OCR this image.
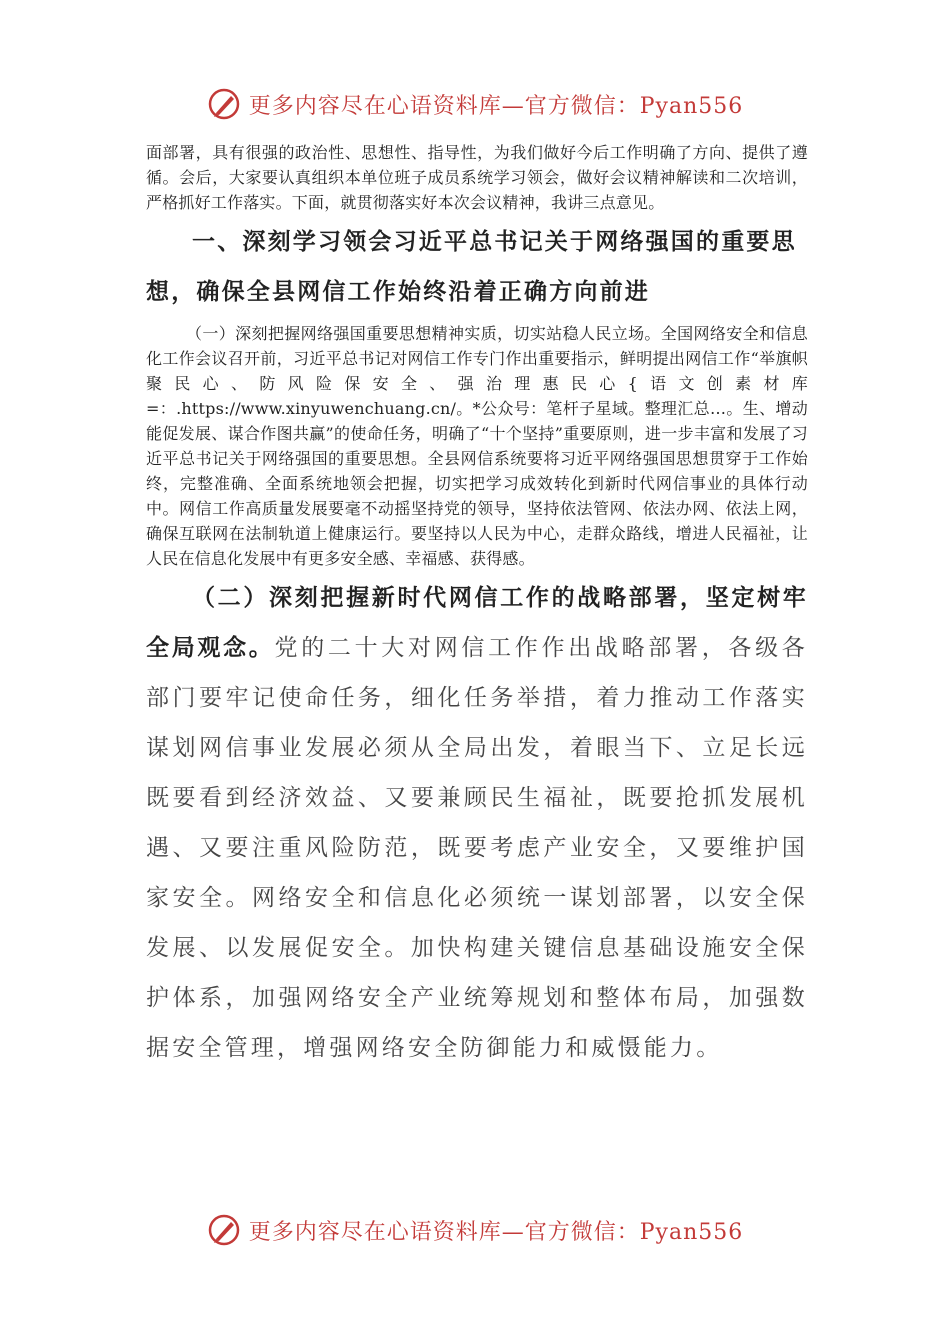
更多内容尽在心语资料库—官方微信：Pyan556

面部署，具有很强的政治性、思想性、指导性，为我们做好今后工作明确了方向、提供了遵循。会后，大家要认真组织本单位班子成员系统学习领会，做好会议精神解读和二次培训，严格抓好工作落实。下面，就贯彻落实好本次会议精神，我讲三点意见。

一、深刻学习领会习近平总书记关于网络强国的重要思想，确保全县网信工作始终沿着正确方向前进

（一）深刻把握网络强国重要思想精神实质，切实站稳人民立场。全国网络安全和信息化工作会议召开前，习近平总书记对网信工作专门作出重要指示，鲜明提出网信工作“举旗帜聚民心、防风险保安全、强治理惠民心{语文创素材库=：.https://www.xinyuwenchuang.cn/。*公众号：笔杆子星域。整理汇总…。生、增动能促发展、谋合作图共赢”的使命任务，明确了“十个坚持”重要原则，进一步丰富和发展了习近平总书记关于网络强国的重要思想。全县网信系统要将习近平网络强国思想贯穿于工作始终，完整准确、全面系统地领会把握，切实把学习成效转化到新时代网信事业的具体行动中。网信工作高质量发展要毫不动摇坚持党的领导，坚持依法管网、依法办网、依法上网，确保互联网在法制轨道上健康运行。要坚持以人民为中心，走群众路线，增进人民福祉，让人民在信息化发展中有更多安全感、幸福感、获得感。

（二）深刻把握新时代网信工作的战略部署，坚定树牢全局观念。党的二十大对网信工作作出战略部署，各级各部门要牢记使命任务，细化任务举措，着力推动工作落实谋划网信事业发展必须从全局出发，着眼当下、立足长远既要看到经济效益、又要兼顾民生福祉，既要抢抓发展机遇、又要注重风险防范，既要考虑产业安全，又要维护国家安全。网络安全和信息化必须统一谋划部署，以安全保发展、以发展促安全。加快构建关键信息基础设施安全保护体系，加强网络安全产业统筹规划和整体布局，加强数据安全管理，增强网络安全防御能力和威慑能力。

更多内容尽在心语资料库—官方微信：Pyan556
